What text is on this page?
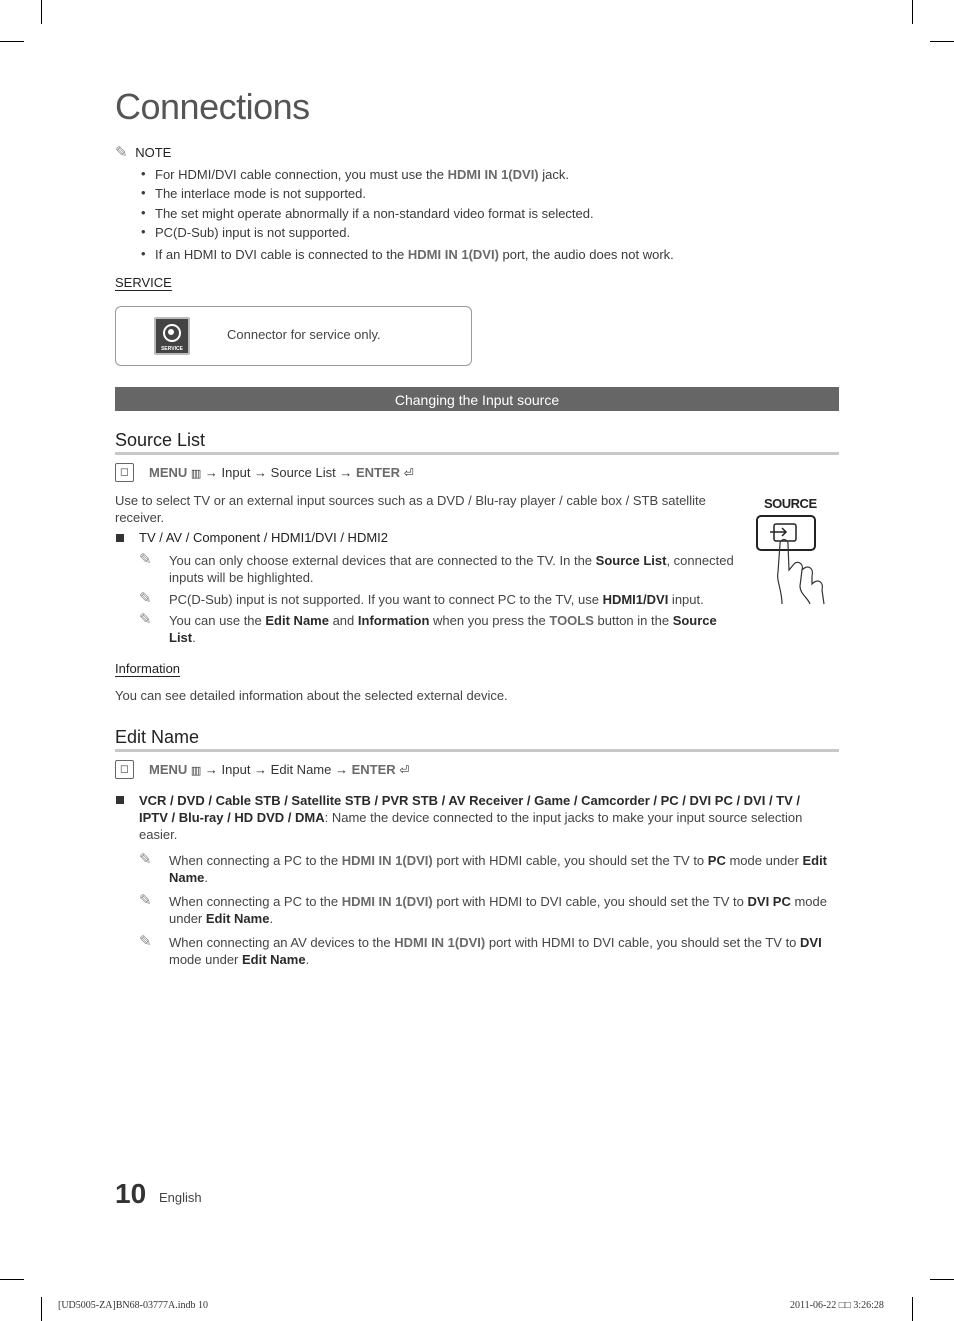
Connections
✎ NOTE
• For HDMI/DVI cable connection, you must use the HDMI IN 1(DVI) jack.
• The interlace mode is not supported.
• The set might operate abnormally if a non-standard video format is selected.
• PC(D-Sub) input is not supported.
• If an HDMI to DVI cable is connected to the HDMI IN 1(DVI) port, the audio does not work.
SERVICE
SERVICE
Connector for service only.
Changing the Input source
Source List
◻	MENU ▥ → Input → Source List → ENTER ⏎
Use to select TV or an external input sources such as a DVD / Blu-ray player / cable box / STB satellite receiver.
TV / AV / Component / HDMI1/DVI / HDMI2
SOURCE
✎ You can only choose external devices that are connected to the TV. In the Source List, connected inputs will be highlighted.
✎ PC(D-Sub) input is not supported. If you want to connect PC to the TV, use HDMI1/DVI input.
✎ You can use the Edit Name and Information when you press the TOOLS button in the Source List.
Information
You can see detailed information about the selected external device.
Edit Name
◻	MENU ▥ → Input → Edit Name → ENTER ⏎
VCR / DVD / Cable STB / Satellite STB / PVR STB / AV Receiver / Game / Camcorder / PC / DVI PC / DVI / TV / IPTV / Blu-ray / HD DVD / DMA: Name the device connected to the input jacks to make your input source selection easier.
✎ When connecting a PC to the HDMI IN 1(DVI) port with HDMI cable, you should set the TV to PC mode under Edit Name.
✎ When connecting a PC to the HDMI IN 1(DVI) port with HDMI to DVI cable, you should set the TV to DVI PC mode under Edit Name.
✎ When connecting an AV devices to the HDMI IN 1(DVI) port with HDMI to DVI cable, you should set the TV to DVI mode under Edit Name.
10 English
[UD5005-ZA]BN68-03777A.indb 10	2011-06-22 □□ 3:26:28
